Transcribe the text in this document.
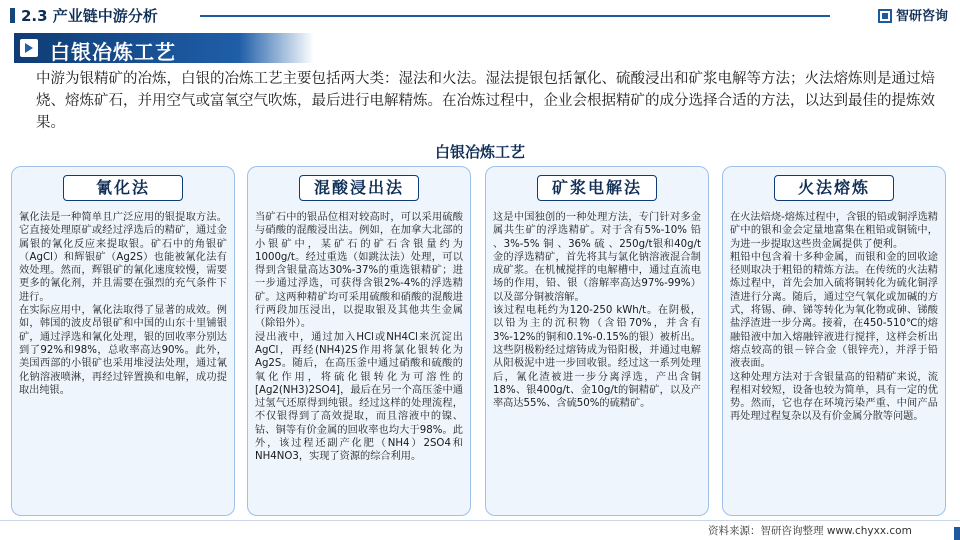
2.3 产业链中游分析	智研咨询
白银冶炼工艺
中游为银精矿的冶炼，白银的冶炼工艺主要包括两大类：湿法和火法。湿法提银包括氰化、硫酸浸出和矿浆电解等方法；火法熔炼则是通过焙烧、熔炼矿石，并用空气或富氧空气吹炼，最后进行电解精炼。在冶炼过程中，企业会根据精矿的成分选择合适的方法，以达到最佳的提炼效果。
白银冶炼工艺
氰化法

氰化法是一种简单且广泛应用的银提取方法。它直接处理原矿或经过浮选后的精矿，通过金属银的氰化反应来提取银。矿石中的角银矿（AgCl）和辉银矿（Ag2S）也能被氰化法有效处理。然而，辉银矿的氰化速度较慢，需要更多的氰化剂，并且需要在强烈的充气条件下进行。

在实际应用中，氰化法取得了显著的成效。例如，韩国的波皮昂银矿和中国的山东十里铺银矿，通过浮选和氰化处理，银的回收率分别达到了92%和98%，总收率高达90%。此外，美国西部的小银矿也采用堆浸法处理，通过氰化钠溶液喷淋，再经过锌置换和电解，成功提取出纯银。

混酸浸出法

当矿石中的银品位相对较高时，可以采用硫酸与硝酸的混酸浸出法。例如，在加拿大北部的小银矿中，某矿石的矿石含银量约为1000g/t。经过重选（如跳汰法）处理，可以得到含银量高达30%-37%的重选银精矿；进一步通过浮选，可获得含银2%-4%的浮选精矿。这两种精矿均可采用硫酸和硝酸的混酸进行两段加压浸出，以提取银及其他共生金属（除铅外）。

浸出液中，通过加入HCl或NH4Cl来沉淀出AgCl，再经(NH4)2S作用将氯化银转化为Ag2S。随后，在高压釜中通过硝酸和硫酸的氧化作用，将硫化银转化为可溶性的[Ag2(NH3)2SO4]，最后在另一个高压釜中通过氢气还原得到纯银。经过这样的处理流程，不仅银得到了高效提取，而且溶液中的镍、钴、铜等有价金属的回收率也均大于98%。此外，该过程还副产化肥（NH4）2SO4和NH4NO3，实现了资源的综合利用。

矿浆电解法

这是中国独创的一种处理方法，专门针对多金属共生矿的浮选精矿。对于含有5%-10% 铅 、3%-5% 铜 、36% 硫 、250g/t银和40g/t金的浮选精矿，首先将其与氯化钠溶液混合制成矿浆。在机械搅拌的电解槽中，通过直流电场的作用，铅、银（溶解率高达97%-99%）以及部分铜被溶解。

该过程电耗约为120-250 kWh/t。在阴极，以铅为主的沉积物（含铅70%，并含有3%-12%的铜和0.1%-0.15%的银）被析出。这些阴极粉经过熔铸成为铅阳极，并通过电解从阳极泥中进一步回收银。经过这一系列处理后，氰化渣被进一步分离浮选，产出含铜18%、银400g/t、金10g/t的铜精矿，以及产率高达55%、含硫50%的硫精矿。

火法熔炼

在火法焙烧-熔炼过程中，含银的铅或铜浮选精矿中的银和金会定量地富集在粗铅或铜锍中，为进一步提取这些贵金属提供了便利。

粗铅中包含着十多种金属，而银和金的回收途径则取决于粗铅的精炼方法。在传统的火法精炼过程中，首先会加入硫将铜转化为硫化铜浮渣进行分离。随后，通过空气氧化或加碱的方式，将锡、砷、锑等转化为氧化物或砷、锑酸盐浮渣进一步分离。接着，在450-510℃的熔融铅液中加入熔融锌液进行搅拌，这样会析出熔点较高的银－锌合金（银锌壳），并浮于铅液表面。

这种处理方法对于含银量高的铅精矿来说，流程相对较短，设备也较为简单，具有一定的优势。然而，它也存在环境污染严重、中间产品再处理过程复杂以及有价金属分散等问题。

资料来源：智研咨询整理 www.chyxx.com
